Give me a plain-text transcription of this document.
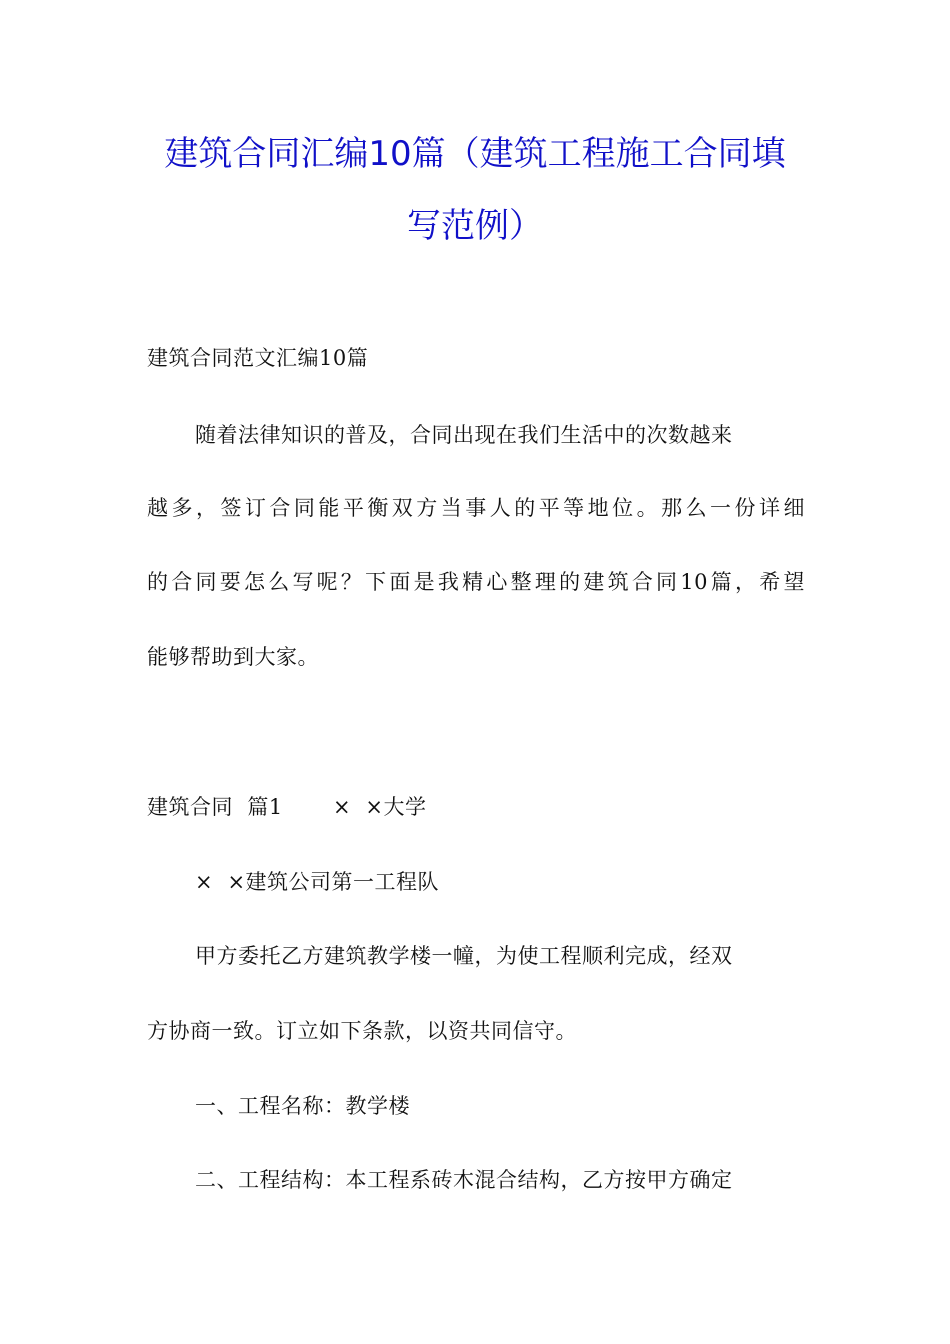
建筑合同汇编10篇（建筑工程施工合同填
写范例）
建筑合同范文汇编10篇
随着法律知识的普及，合同出现在我们生活中的次数越来
越多，签订合同能平衡双方当事人的平等地位。那么一份详细
的合同要怎么写呢？下面是我精心整理的建筑合同10篇，希望
能够帮助到大家。
建筑合同  篇1       ×  ×大学
×  ×建筑公司第一工程队
甲方委托乙方建筑教学楼一幢，为使工程顺利完成，经双
方协商一致。订立如下条款，以资共同信守。
一、工程名称：教学楼
二、工程结构：本工程系砖木混合结构，乙方按甲方确定
